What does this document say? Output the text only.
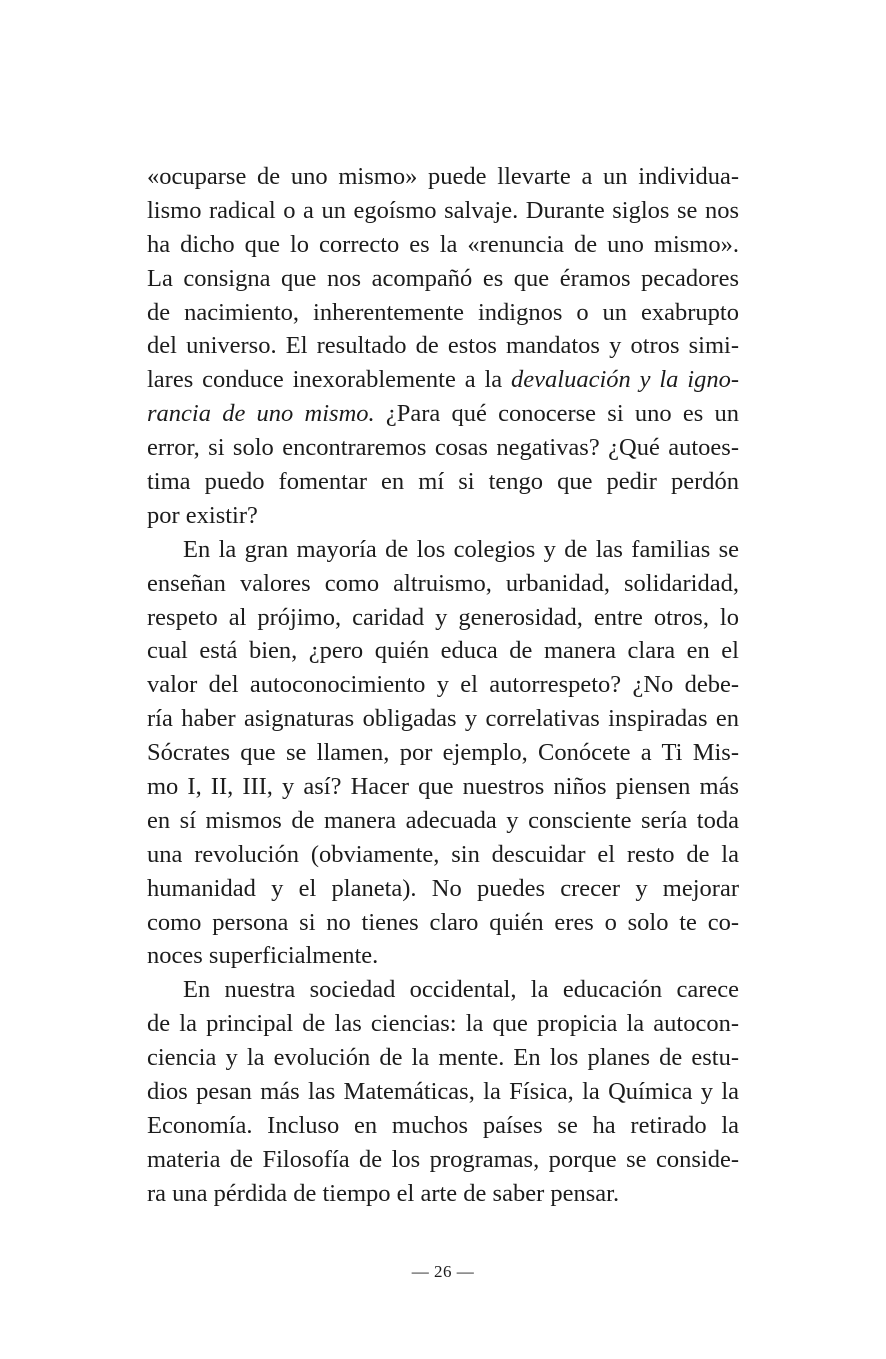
«ocuparse de uno mismo» puede llevarte a un individua-
lismo radical o a un egoísmo salvaje. Durante siglos se nos
ha dicho que lo correcto es la «renuncia de uno mismo».
La consigna que nos acompañó es que éramos pecadores
de nacimiento, inherentemente indignos o un exabrupto
del universo. El resultado de estos mandatos y otros simi-
lares conduce inexorablemente a la devaluación y la igno-
rancia de uno mismo. ¿Para qué conocerse si uno es un
error, si solo encontraremos cosas negativas? ¿Qué autoes-
tima puedo fomentar en mí si tengo que pedir perdón
por existir?
En la gran mayoría de los colegios y de las familias se
enseñan valores como altruismo, urbanidad, solidaridad,
respeto al prójimo, caridad y generosidad, entre otros, lo
cual está bien, ¿pero quién educa de manera clara en el
valor del autoconocimiento y el autorrespeto? ¿No debe-
ría haber asignaturas obligadas y correlativas inspiradas en
Sócrates que se llamen, por ejemplo, Conócete a Ti Mis-
mo I, II, III, y así? Hacer que nuestros niños piensen más
en sí mismos de manera adecuada y consciente sería toda
una revolución (obviamente, sin descuidar el resto de la
humanidad y el planeta). No puedes crecer y mejorar
como persona si no tienes claro quién eres o solo te co-
noces superficialmente.
En nuestra sociedad occidental, la educación carece
de la principal de las ciencias: la que propicia la autocon-
ciencia y la evolución de la mente. En los planes de estu-
dios pesan más las Matemáticas, la Física, la Química y la
Economía. Incluso en muchos países se ha retirado la
materia de Filosofía de los programas, porque se conside-
ra una pérdida de tiempo el arte de saber pensar.
— 26 —
